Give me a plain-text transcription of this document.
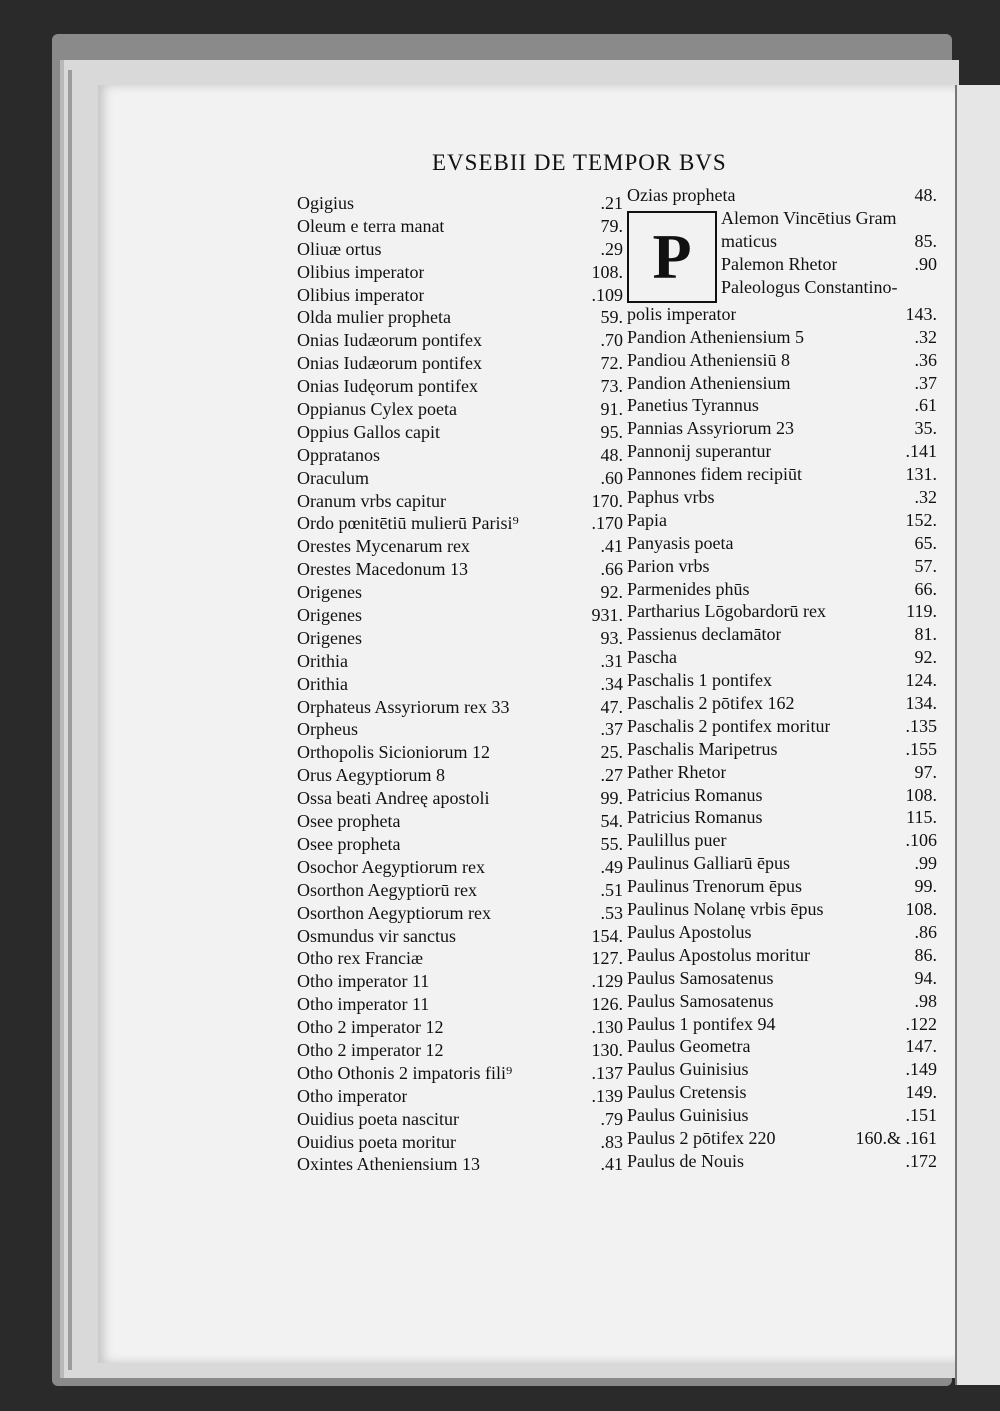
EVSEBII DE TEMPOR BVS
Ogigius	.21
Oleum e terra manat	79.
Oliuæ ortus	.29
Olibius imperator	108.
Olibius imperator	.109
Olda mulier propheta	59.
Onias Iudæorum pontifex	.70
Onias Iudæorum pontifex	72.
Onias Iudęorum pontifex	73.
Oppianus Cylex poeta	91.
Oppius Gallos capit	95.
Oppratanos	48.
Oraculum	.60
Oranum vrbs capitur	170.
Ordo pœnitētiū mulierū Parisi⁹	.170
Orestes Mycenarum rex	.41
Orestes Macedonum 13	.66
Origenes	92.
Origenes	931.
Origenes	93.
Orithia	.31
Orithia	.34
Orphateus Assyriorum rex 33	47.
Orpheus	.37
Orthopolis Sicioniorum 12	25.
Orus Aegyptiorum 8	.27
Ossa beati Andreę apostoli	99.
Osee propheta	54.
Osee propheta	55.
Osochor Aegyptiorum rex	.49
Osorthon Aegyptiorū rex	.51
Osorthon Aegyptiorum rex	.53
Osmundus vir sanctus	154.
Otho rex Franciæ	127.
Otho imperator 11	.129
Otho imperator 11	126.
Otho 2 imperator 12	.130
Otho 2 imperator 12	130.
Otho Othonis 2 impatoris fili⁹	.137
Otho imperator	.139
Ouidius poeta nascitur	.79
Ouidius poeta moritur	.83
Oxintes Atheniensium 13	.41
Ozias propheta	48.
P
Alemon Vincētius Gram
maticus	85.
Palemon Rhetor	.90
Paleologus Constantino-
polis imperator	143.
Pandion Atheniensium 5	.32
Pandiou Atheniensiū 8	.36
Pandion Atheniensium	.37
Panetius Tyrannus	.61
Pannias Assyriorum 23	35.
Pannonij superantur	.141
Pannones fidem recipiūt	131.
Paphus vrbs	.32
Papia	152.
Panyasis poeta	65.
Parion vrbs	57.
Parmenides phūs	66.
Partharius Lōgobardorū rex	119.
Passienus declamātor	81.
Pascha	92.
Paschalis 1 pontifex	124.
Paschalis 2 pōtifex 162	134.
Paschalis 2 pontifex moritur	.135
Paschalis Maripetrus	.155
Pather Rhetor	97.
Patricius Romanus	108.
Patricius Romanus	115.
Paulillus puer	.106
Paulinus Galliarū ēpus	.99
Paulinus Trenorum ēpus	99.
Paulinus Nolanę vrbis ēpus	108.
Paulus Apostolus	.86
Paulus Apostolus moritur	86.
Paulus Samosatenus	94.
Paulus Samosatenus	.98
Paulus 1 pontifex 94	.122
Paulus Geometra	147.
Paulus Guinisius	.149
Paulus Cretensis	149.
Paulus Guinisius	.151
Paulus 2 pōtifex 220	160.& .161
Paulus de Nouis	.172
